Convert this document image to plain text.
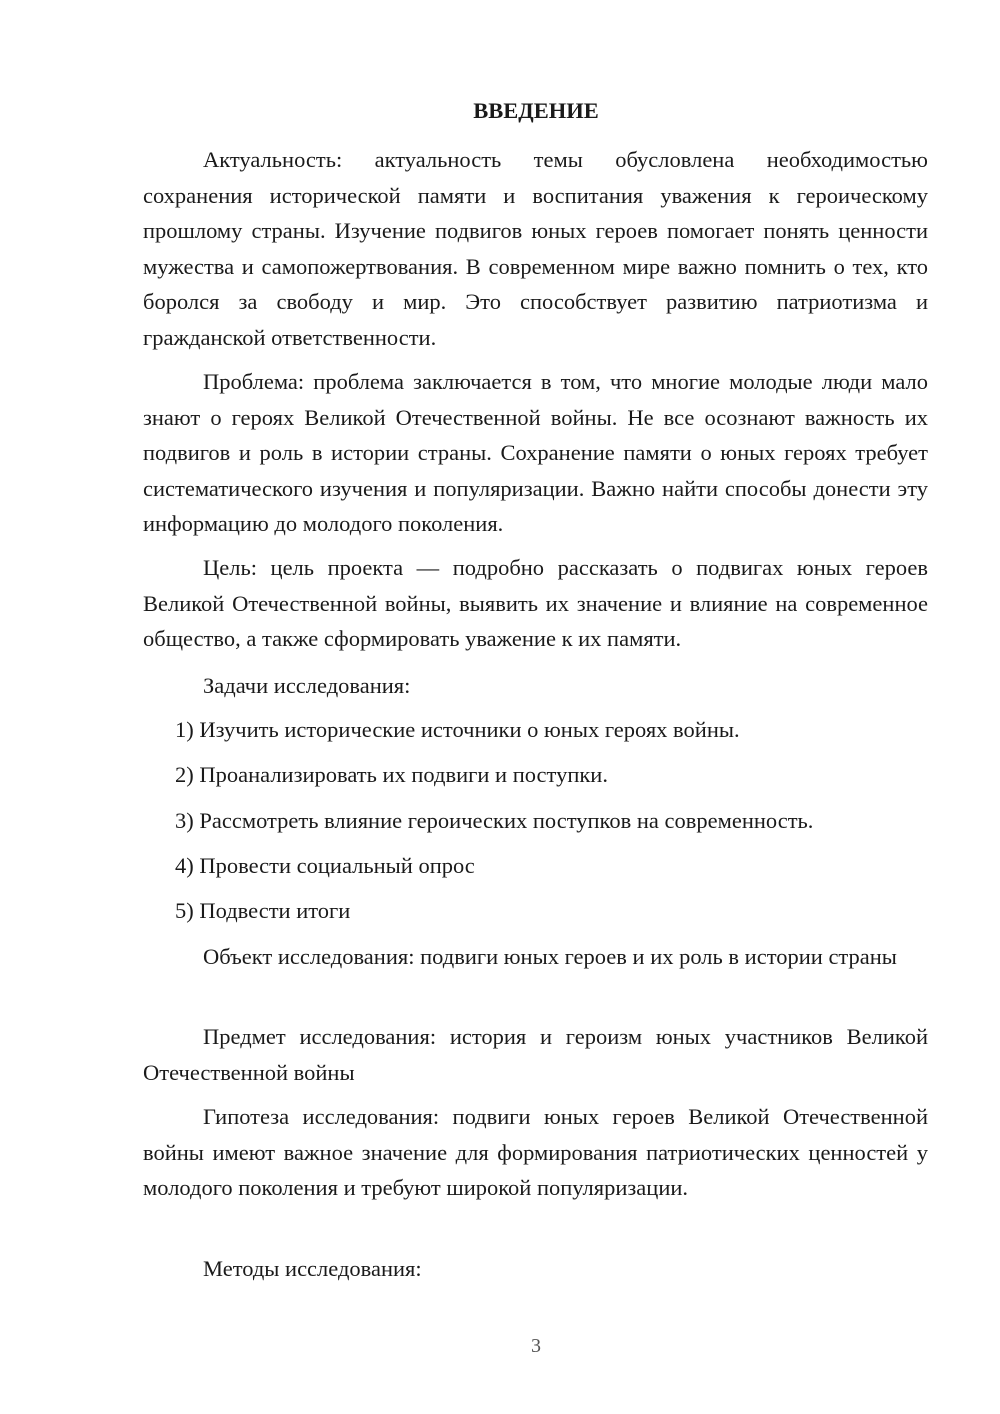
ВВЕДЕНИЕ

Актуальность: актуальность темы обусловлена необходимостью сохранения исторической памяти и воспитания уважения к героическому прошлому страны. Изучение подвигов юных героев помогает понять ценности мужества и самопожертвования. В современном мире важно помнить о тех, кто боролся за свободу и мир. Это способствует развитию патриотизма и гражданской ответственности.

Проблема: проблема заключается в том, что многие молодые люди мало знают о героях Великой Отечественной войны. Не все осознают важность их подвигов и роль в истории страны. Сохранение памяти о юных героях требует систематического изучения и популяризации. Важно найти способы донести эту информацию до молодого поколения.

Цель: цель проекта — подробно рассказать о подвигах юных героев Великой Отечественной войны, выявить их значение и влияние на современное общество, а также сформировать уважение к их памяти.

Задачи исследования:

1) Изучить исторические источники о юных героях войны.

2) Проанализировать их подвиги и поступки.

3) Рассмотреть влияние героических поступков на современность.

4) Провести социальный опрос

5) Подвести итоги

Объект исследования: подвиги юных героев и их роль в истории страны

Предмет исследования: история и героизм юных участников Великой Отечественной войны

Гипотеза исследования: подвиги юных героев Великой Отечественной войны имеют важное значение для формирования патриотических ценностей у молодого поколения и требуют широкой популяризации.

Методы исследования:

3
